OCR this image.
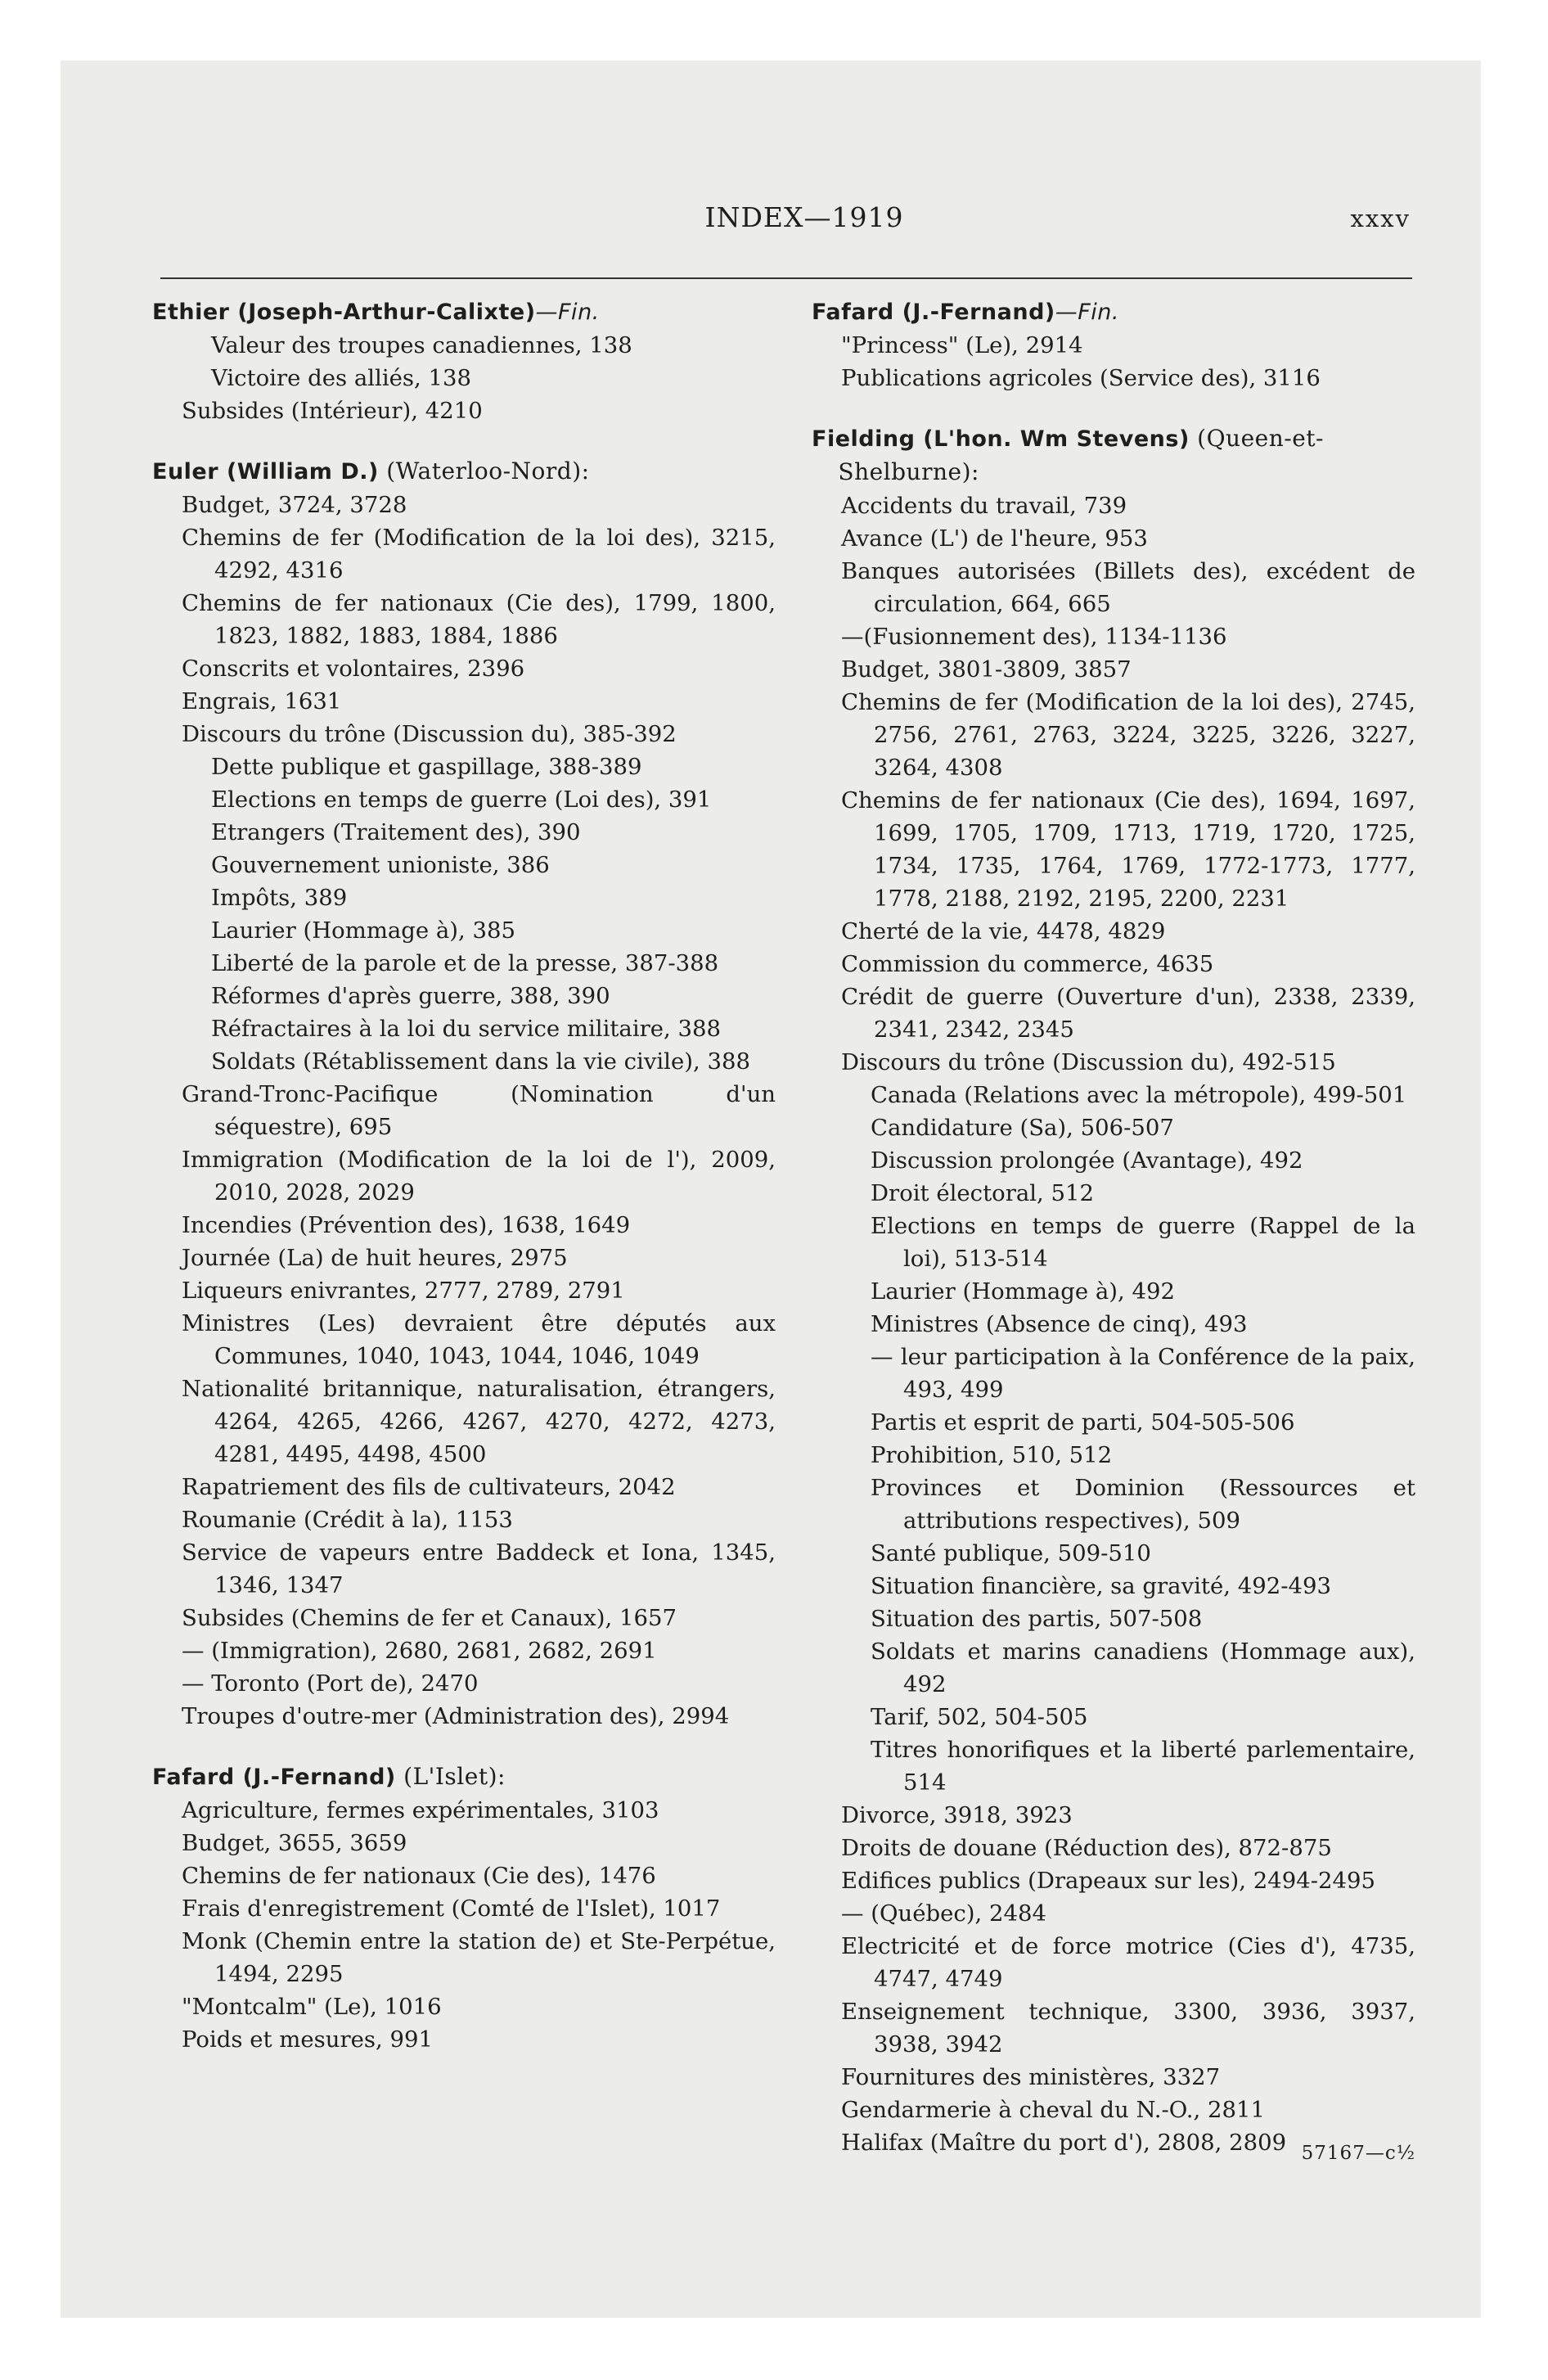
INDEX—1919	xxxv
Ethier (Joseph-Arthur-Calixte)—Fin.
Valeur des troupes canadiennes, 138
Victoire des alliés, 138
Subsides (Intérieur), 4210
Euler (William D.) (Waterloo-Nord):
Budget, 3724, 3728
Chemins de fer (Modification de la loi des), 3215, 4292, 4316
Chemins de fer nationaux (Cie des), 1799, 1800, 1823, 1882, 1883, 1884, 1886
Conscrits et volontaires, 2396
Engrais, 1631
Discours du trône (Discussion du), 385-392
Dette publique et gaspillage, 388-389
Elections en temps de guerre (Loi des), 391
Etrangers (Traitement des), 390
Gouvernement unioniste, 386
Impôts, 389
Laurier (Hommage à), 385
Liberté de la parole et de la presse, 387-388
Réformes d'après guerre, 388, 390
Réfractaires à la loi du service militaire, 388
Soldats (Rétablissement dans la vie civile), 388
Grand-Tronc-Pacifique (Nomination d'un séquestre), 695
Immigration (Modification de la loi de l'), 2009, 2010, 2028, 2029
Incendies (Prévention des), 1638, 1649
Journée (La) de huit heures, 2975
Liqueurs enivrantes, 2777, 2789, 2791
Ministres (Les) devraient être députés aux Communes, 1040, 1043, 1044, 1046, 1049
Nationalité britannique, naturalisation, étrangers, 4264, 4265, 4266, 4267, 4270, 4272, 4273, 4281, 4495, 4498, 4500
Rapatriement des fils de cultivateurs, 2042
Roumanie (Crédit à la), 1153
Service de vapeurs entre Baddeck et Iona, 1345, 1346, 1347
Subsides (Chemins de fer et Canaux), 1657
— (Immigration), 2680, 2681, 2682, 2691
— Toronto (Port de), 2470
Troupes d'outre-mer (Administration des), 2994
Fafard (J.-Fernand) (L'Islet):
Agriculture, fermes expérimentales, 3103
Budget, 3655, 3659
Chemins de fer nationaux (Cie des), 1476
Frais d'enregistrement (Comté de l'Islet), 1017
Monk (Chemin entre la station de) et Ste-Perpétue, 1494, 2295
"Montcalm" (Le), 1016
Poids et mesures, 991
Fafard (J.-Fernand)—Fin.
"Princess" (Le), 2914
Publications agricoles (Service des), 3116
Fielding (L'hon. Wm Stevens) (Queen-et-Shelburne):
Accidents du travail, 739
Avance (L') de l'heure, 953
Banques autorisées (Billets des), excédent de circulation, 664, 665
—(Fusionnement des), 1134-1136
Budget, 3801-3809, 3857
Chemins de fer (Modification de la loi des), 2745, 2756, 2761, 2763, 3224, 3225, 3226, 3227, 3264, 4308
Chemins de fer nationaux (Cie des), 1694, 1697, 1699, 1705, 1709, 1713, 1719, 1720, 1725, 1734, 1735, 1764, 1769, 1772-1773, 1777, 1778, 2188, 2192, 2195, 2200, 2231
Cherté de la vie, 4478, 4829
Commission du commerce, 4635
Crédit de guerre (Ouverture d'un), 2338, 2339, 2341, 2342, 2345
Discours du trône (Discussion du), 492-515
Canada (Relations avec la métropole), 499-501
Candidature (Sa), 506-507
Discussion prolongée (Avantage), 492
Droit électoral, 512
Elections en temps de guerre (Rappel de la loi), 513-514
Laurier (Hommage à), 492
Ministres (Absence de cinq), 493
— leur participation à la Conférence de la paix, 493, 499
Partis et esprit de parti, 504-505-506
Prohibition, 510, 512
Provinces et Dominion (Ressources et attributions respectives), 509
Santé publique, 509-510
Situation financière, sa gravité, 492-493
Situation des partis, 507-508
Soldats et marins canadiens (Hommage aux), 492
Tarif, 502, 504-505
Titres honorifiques et la liberté parlementaire, 514
Divorce, 3918, 3923
Droits de douane (Réduction des), 872-875
Edifices publics (Drapeaux sur les), 2494-2495
— (Québec), 2484
Electricité et de force motrice (Cies d'), 4735, 4747, 4749
Enseignement technique, 3300, 3936, 3937, 3938, 3942
Fournitures des ministères, 3327
Gendarmerie à cheval du N.-O., 2811
Halifax (Maître du port d'), 2808, 2809 57167—c½
